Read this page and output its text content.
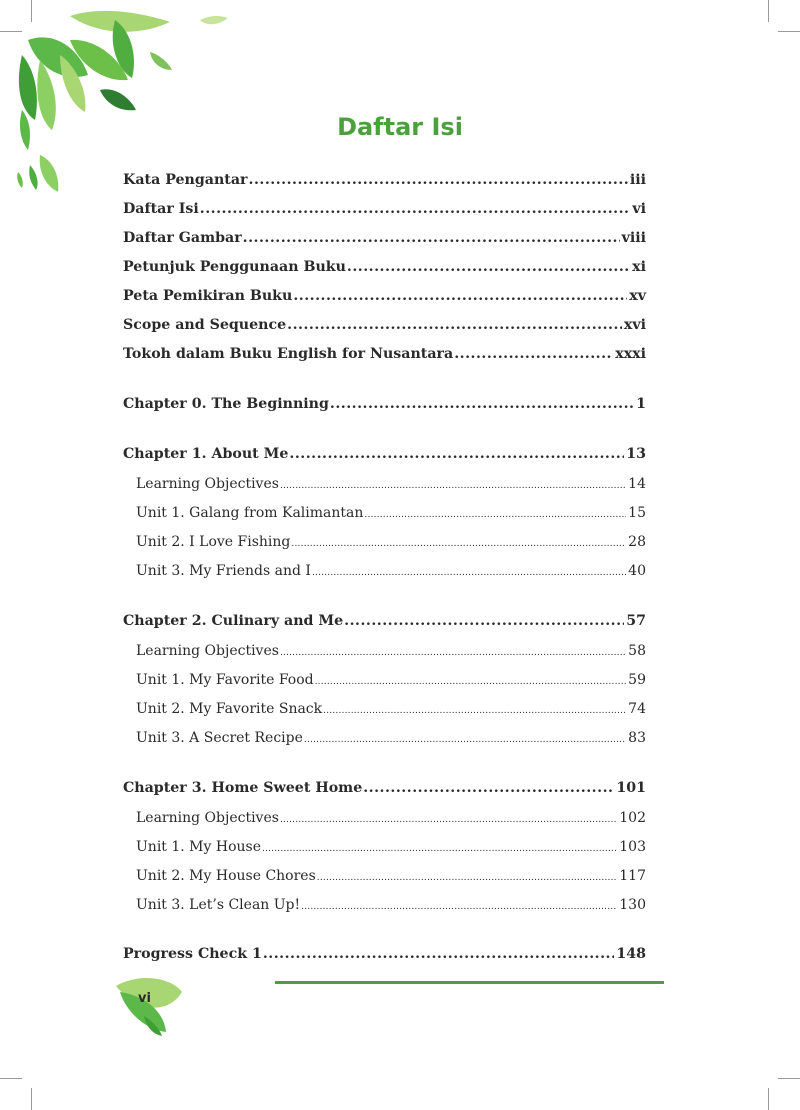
Daftar Isi
Kata Pengantar .....	iii
Daftar Isi .....	vi
Daftar Gambar .....	viii
Petunjuk Penggunaan Buku .....	xi
Peta Pemikiran Buku .....	xv
Scope and Sequence .....	xvi
Tokoh dalam Buku English for Nusantara .....	xxxi
Chapter 0. The Beginning .....	1
Chapter 1. About Me .....	13
Learning Objectives .....	14
Unit 1. Galang from Kalimantan .....	15
Unit 2. I Love Fishing .....	28
Unit 3. My Friends and I .....	40
Chapter 2. Culinary and Me .....	57
Learning Objectives .....	58
Unit 1. My Favorite Food .....	59
Unit 2. My Favorite Snack .....	74
Unit 3. A Secret Recipe .....	83
Chapter 3. Home Sweet Home .....	101
Learning Objectives .....	102
Unit 1. My House .....	103
Unit 2. My House Chores .....	117
Unit 3. Let’s Clean Up! .....	130
Progress Check 1 .....	148
vi
